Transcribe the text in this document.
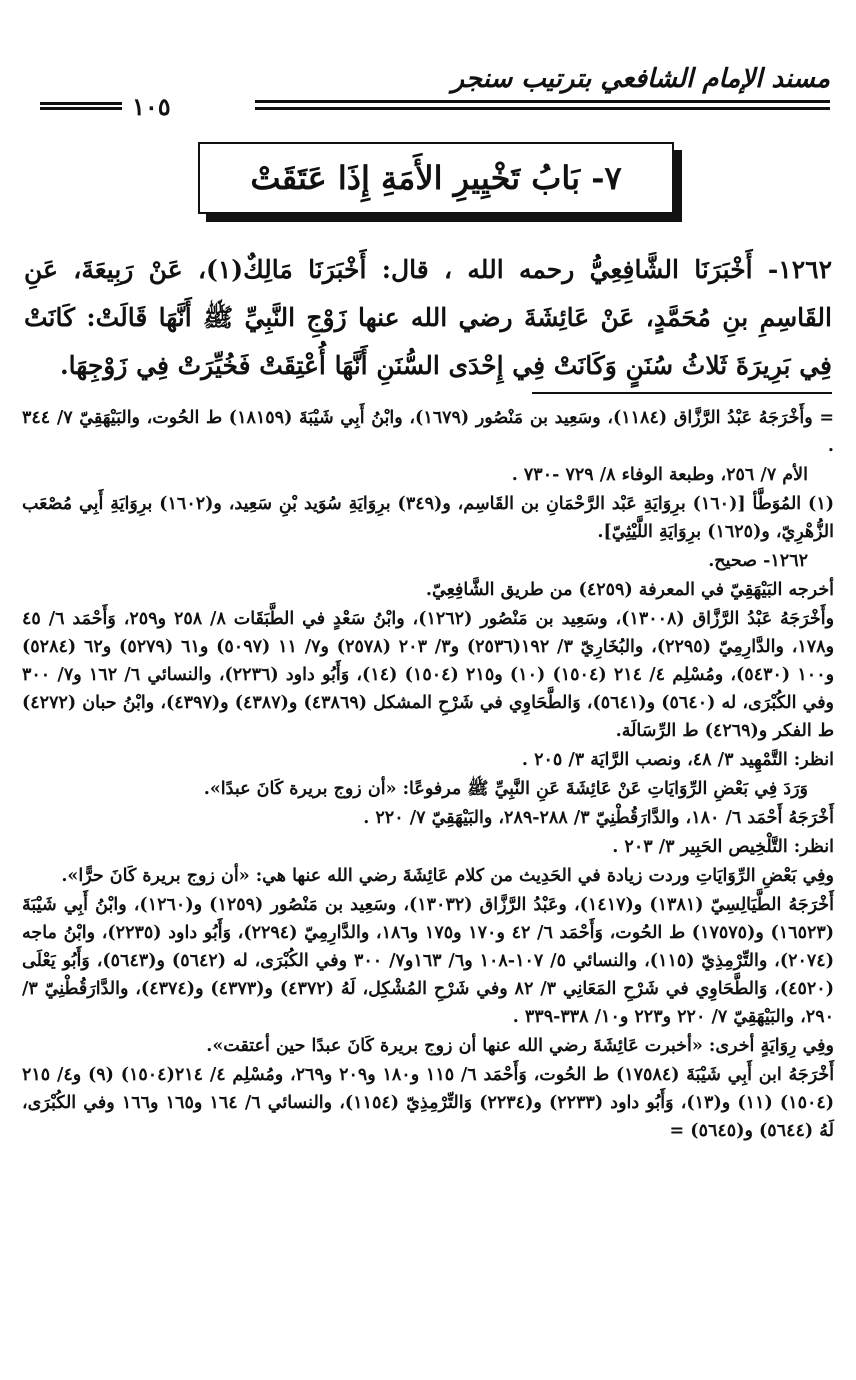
مسند الإمام الشافعي بترتيب سنجر
١٠٥
٧- بَابُ تَخْيِيرِ الأَمَةِ إِذَا عَتَقَتْ
١٢٦٢- أَخْبَرَنَا الشَّافِعِيُّ رحمه الله ، قال: أَخْبَرَنَا مَالِكٌ(١)، عَنْ رَبِيعَةَ، عَنِ القَاسِمِ بنِ مُحَمَّدٍ، عَنْ عَائِشَةَ رضي الله عنها زَوْجِ النَّبِيِّ ﷺ أَنَّهَا قَالَتْ: كَانَتْ فِي بَرِيرَةَ ثَلاثُ سُنَنٍ وَكَانَتْ فِي إِحْدَى السُّنَنِ أَنَّهَا أُعْتِقَتْ فَخُيِّرَتْ فِي زَوْجِهَا.

= وأَخْرَجَهُ عَبْدُ الرَّزَّاق (١١٨٤)، وسَعِيد بن مَنْصُور (١٦٧٩)، وابْنُ أَبِي شَيْبَةَ (١٨١٥٩) ط الحُوت، والبَيْهَقِيّ ٧/ ٣٤٤ .

الأم ٧/ ٢٥٦، وطبعة الوفاء ٨/ ٧٢٩ -٧٣٠ .

(١) المُوَطَّأ [(١٦٠) برِوَايَةِ عَبْد الرَّحْمَانِ بن القَاسِم، و(٣٤٩) برِوَايَةِ سُوَيد بْنِ سَعِيد، و(١٦٠٢) برِوَايَةِ أَبِي مُصْعَب الزُّهْرِيّ، و(١٦٢٥) برِوَايَةِ اللَّيْثِيّ].

١٢٦٢- صحيح.

أخرجه البَيْهَقِيّ في المعرفة (٤٢٥٩) من طريق الشَّافِعِيّ.

وأَخْرَجَهُ عَبْدُ الرَّزَّاق (١٣٠٠٨)، وسَعِيد بن مَنْصُور (١٢٦٢)، وابْنُ سَعْدٍ في الطَّبَقَات ٨/ ٢٥٨ و٢٥٩، وَأَحْمَد ٦/ ٤٥ و١٧٨، والدَّارِمِيّ (٢٢٩٥)، والبُخَارِيّ ٣/ ١٩٢(٢٥٣٦) و٣/ ٢٠٣ (٢٥٧٨) و٧/ ١١ (٥٠٩٧) و٦١ (٥٢٧٩) و٦٢ (٥٢٨٤) و١٠٠ (٥٤٣٠)، ومُسْلِم ٤/ ٢١٤ (١٥٠٤) (١٠) و٢١٥ (١٥٠٤) (١٤)، وَأَبُو داود (٢٢٣٦)، والنسائي ٦/ ١٦٢ و٧/ ٣٠٠ وفي الكُبْرَى، له (٥٦٤٠) و(٥٦٤١)، وَالطَّحَاوِي في شَرْحِ المشكل (٤٣٨٦٩) و(٤٣٨٧) و(٤٣٩٧)، وابْنُ حبان (٤٢٧٢) ط الفكر و(٤٢٦٩) ط الرِّسَالَة.

انظر: التَّمْهِيد ٣/ ٤٨، ونصب الرَّايَة ٣/ ٢٠٥ .

وَرَدَ فِي بَعْضِ الرِّوَايَاتِ عَنْ عَائِشَةَ عَنِ النَّبِيِّ ﷺ مرفوعًا: «أن زوج بريرة كَانَ عبدًا».

أَخْرَجَهُ أَحْمَد ٦/ ١٨٠، والدَّارَقُطْنِيّ ٣/ ٢٨٨-٢٨٩، والبَيْهَقِيّ ٧/ ٢٢٠ .

انظر: التَّلْخِيص الحَبِير ٣/ ٢٠٣ .

وفِي بَعْضِ الرِّوَايَاتِ وردت زيادة في الحَدِيث من كلام عَائِشَةَ رضي الله عنها هي: «أن زوج بريرة كَانَ حرًّا».

أَخْرَجَهُ الطَّيَالِسِيّ (١٣٨١) و(١٤١٧)، وعَبْدُ الرَّزَّاق (١٣٠٣٢)، وسَعِيد بن مَنْصُور (١٢٥٩) و(١٢٦٠)، وابْنُ أَبِي شَيْبَةَ (١٦٥٢٣) و(١٧٥٧٥) ط الحُوت، وَأَحْمَد ٦/ ٤٢ و١٧٠ و١٧٥ و١٨٦، والدَّارِمِيّ (٢٢٩٤)، وَأَبُو داود (٢٢٣٥)، وابْنُ ماجه (٢٠٧٤)، والتِّرْمِذِيّ (١١٥)، والنسائي ٥/ ١٠٧-١٠٨ و٦/ ١٦٣و٧/ ٣٠٠ وفي الكُبْرَى، له (٥٦٤٢) و(٥٦٤٣)، وَأَبُو يَعْلَى (٤٥٢٠)، وَالطَّحَاوِي في شَرْحِ المَعَانِي ٣/ ٨٢ وفي شَرْحِ المُشْكِل، لَهُ (٤٣٧٢) و(٤٣٧٣) و(٤٣٧٤)، والدَّارَقُطْنِيّ ٣/ ٢٩٠، والبَيْهَقِيّ ٧/ ٢٢٠ و٢٢٣ و١٠/ ٣٣٨-٣٣٩ .

وفِي رِوَايَةٍ أخرى: «أخبرت عَائِشَةَ رضي الله عنها أن زوج بريرة كَانَ عبدًا حين أعتقت».

أَخْرَجَهُ ابن أَبِي شَيْبَةَ (١٧٥٨٤) ط الحُوت، وَأَحْمَد ٦/ ١١٥ و١٨٠ و٢٠٩ و٢٦٩، ومُسْلِم ٤/ ٢١٤(١٥٠٤) (٩) و٤/ ٢١٥ (١٥٠٤) (١١) و(١٣)، وَأَبُو داود (٢٢٣٣) و(٢٢٣٤) وَالتِّرْمِذِيّ (١١٥٤)، والنسائي ٦/ ١٦٤ و١٦٥ و١٦٦ وفي الكُبْرَى، لَهُ (٥٦٤٤) و(٥٦٤٥) =
